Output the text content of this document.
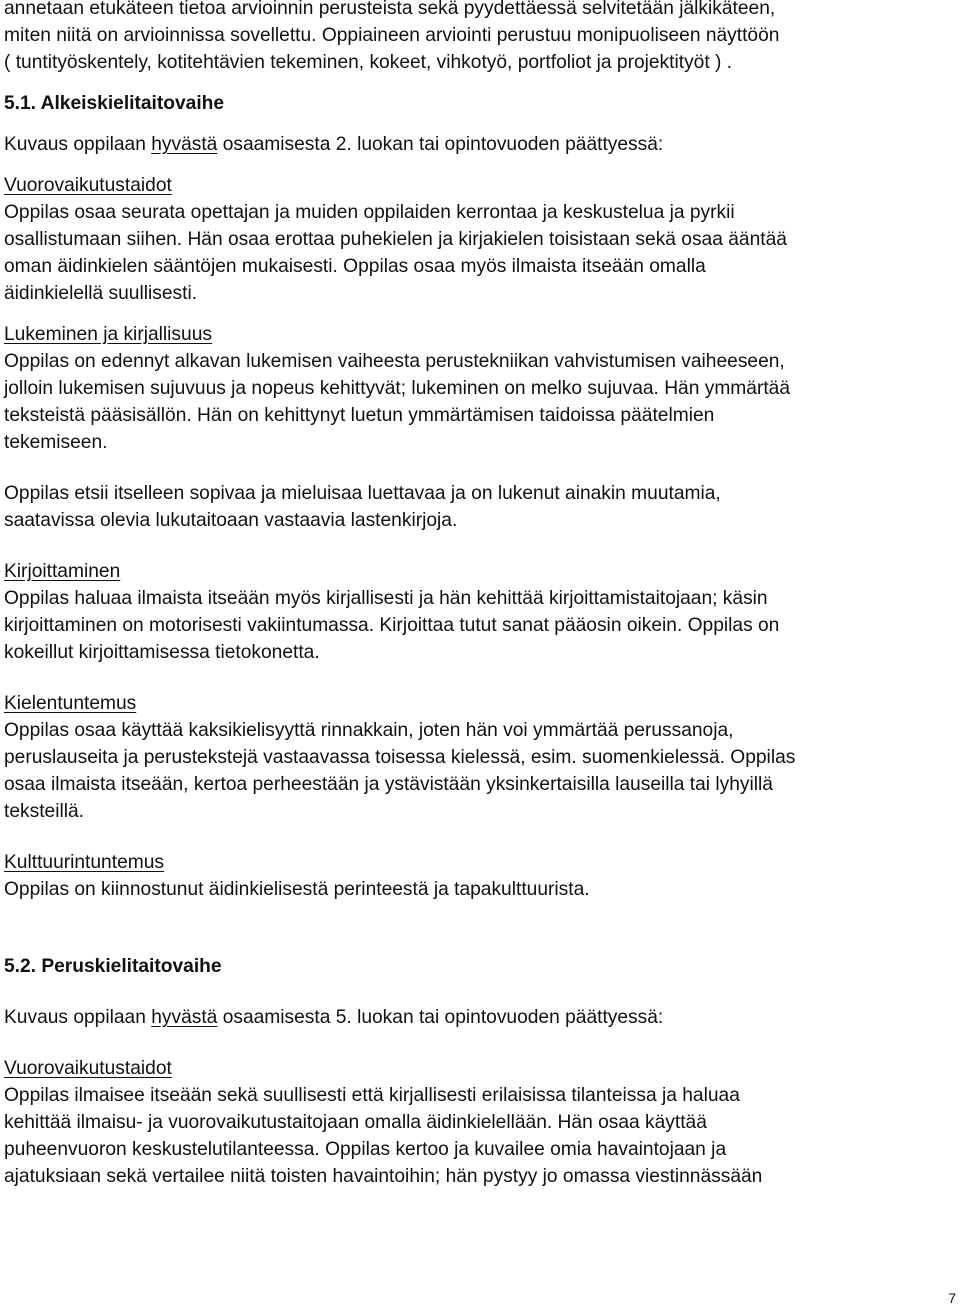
annetaan etukäteen tietoa arvioinnin perusteista sekä pyydettäessä selvitetään jälkikäteen,
miten niitä on arvioinnissa sovellettu. Oppiaineen arviointi perustuu monipuoliseen näyttöön
( tuntityöskentely, kotitehtävien tekeminen, kokeet, vihkotyö, portfoliot ja projektityöt ) .

5.1. Alkeiskielitaitovaihe

Kuvaus oppilaan hyvästä osaamisesta 2. luokan tai opintovuoden päättyessä:

Vuorovaikutustaidot
Oppilas osaa seurata opettajan ja muiden oppilaiden kerrontaa ja keskustelua ja pyrkii
osallistumaan siihen. Hän osaa erottaa puhekielen ja kirjakielen toisistaan sekä osaa ääntää
oman äidinkielen sääntöjen mukaisesti. Oppilas osaa myös ilmaista itseään omalla
äidinkielellä suullisesti.

Lukeminen ja kirjallisuus
Oppilas on edennyt alkavan lukemisen vaiheesta perustekniikan vahvistumisen vaiheeseen,
jolloin lukemisen sujuvuus ja nopeus kehittyvät; lukeminen on melko sujuvaa. Hän ymmärtää
teksteistä pääsisällön. Hän on kehittynyt luetun ymmärtämisen taidoissa päätelmien
tekemiseen.

Oppilas etsii itselleen sopivaa ja mieluisaa luettavaa ja on lukenut ainakin muutamia,
saatavissa olevia lukutaitoaan vastaavia lastenkirjoja.

Kirjoittaminen
Oppilas haluaa ilmaista itseään myös kirjallisesti ja hän kehittää kirjoittamistaitojaan; käsin
kirjoittaminen on motorisesti vakiintumassa. Kirjoittaa tutut sanat pääosin oikein. Oppilas on
kokeillut kirjoittamisessa tietokonetta.

Kielentuntemus
Oppilas osaa käyttää kaksikielisyyttä rinnakkain, joten hän voi ymmärtää perussanoja,
peruslauseita ja perustekstejä vastaavassa toisessa kielessä, esim. suomenkielessä. Oppilas
osaa ilmaista itseään, kertoa perheestään ja ystävistään yksinkertaisilla lauseilla tai lyhyillä
teksteillä.

Kulttuurintuntemus
Oppilas on kiinnostunut äidinkielisestä perinteestä ja tapakulttuurista.

5.2. Peruskielitaitovaihe

Kuvaus oppilaan hyvästä osaamisesta 5. luokan tai opintovuoden päättyessä:

Vuorovaikutustaidot
Oppilas ilmaisee itseään sekä suullisesti että kirjallisesti erilaisissa tilanteissa ja haluaa
kehittää ilmaisu- ja vuorovaikutustaitojaan omalla äidinkielellään. Hän osaa käyttää
puheenvuoron keskustelutilanteessa. Oppilas kertoo ja kuvailee omia havaintojaan ja
ajatuksiaan sekä vertailee niitä toisten havaintoihin; hän pystyy jo omassa viestinnässään

7
